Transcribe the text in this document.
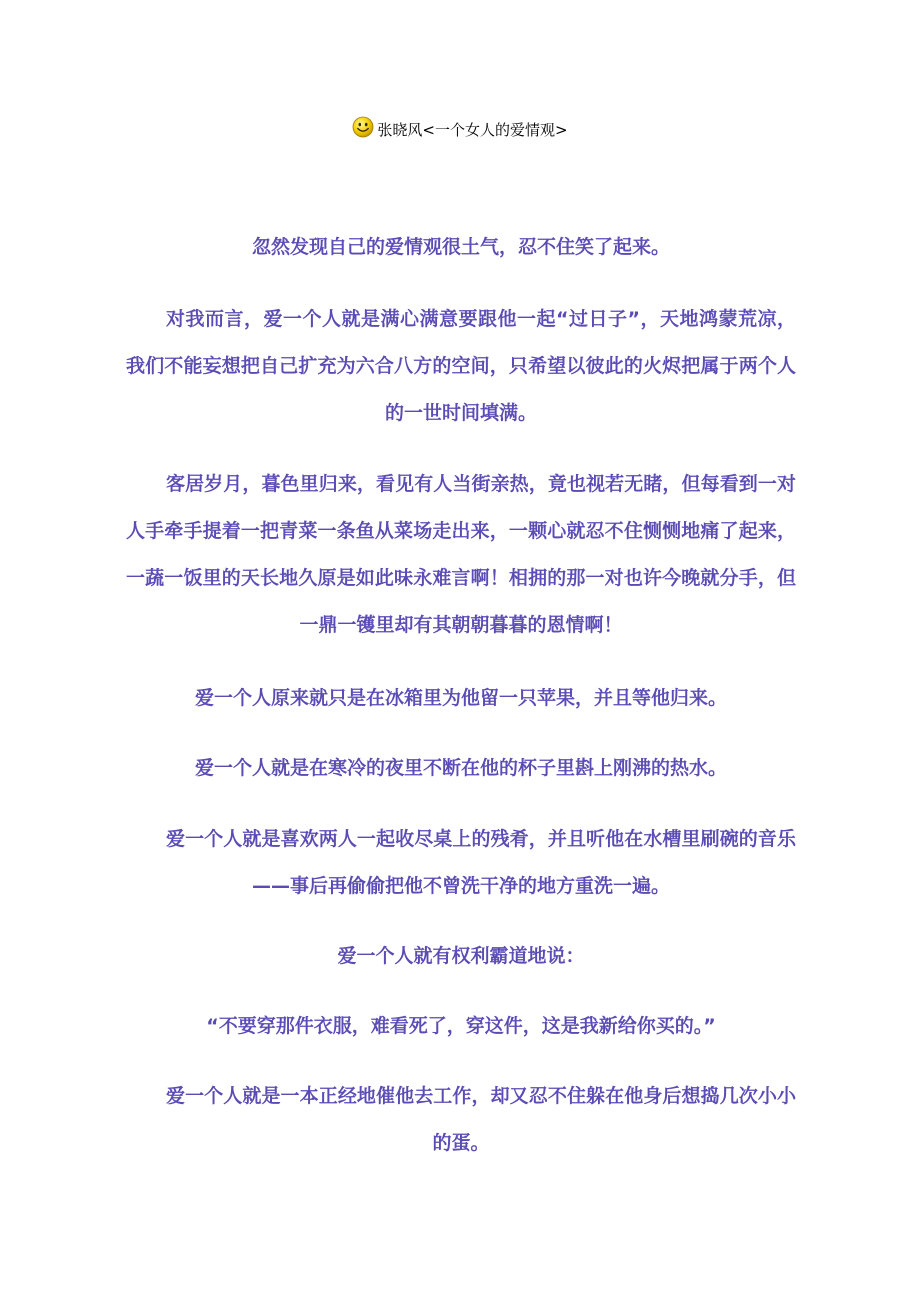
张晓风<一个女人的爱情观>

忽然发现自己的爱情观很土气，忍不住笑了起来。

对我而言，爱一个人就是满心满意要跟他一起“过日子”，天地鸿蒙荒凉，我们不能妄想把自己扩充为六合八方的空间，只希望以彼此的火烬把属于两个人的一世时间填满。

客居岁月，暮色里归来，看见有人当街亲热，竟也视若无睹，但每看到一对人手牵手提着一把青菜一条鱼从菜场走出来，一颗心就忍不住恻恻地痛了起来，一蔬一饭里的天长地久原是如此味永难言啊！相拥的那一对也许今晚就分手，但一鼎一镬里却有其朝朝暮暮的恩情啊！

爱一个人原来就只是在冰箱里为他留一只苹果，并且等他归来。

爱一个人就是在寒冷的夜里不断在他的杯子里斟上刚沸的热水。

爱一个人就是喜欢两人一起收尽桌上的残肴，并且听他在水槽里刷碗的音乐——事后再偷偷把他不曾洗干净的地方重洗一遍。

爱一个人就有权利霸道地说：

“不要穿那件衣服，难看死了，穿这件，这是我新给你买的。”

爱一个人就是一本正经地催他去工作，却又忍不住躲在他身后想捣几次小小的蛋。
